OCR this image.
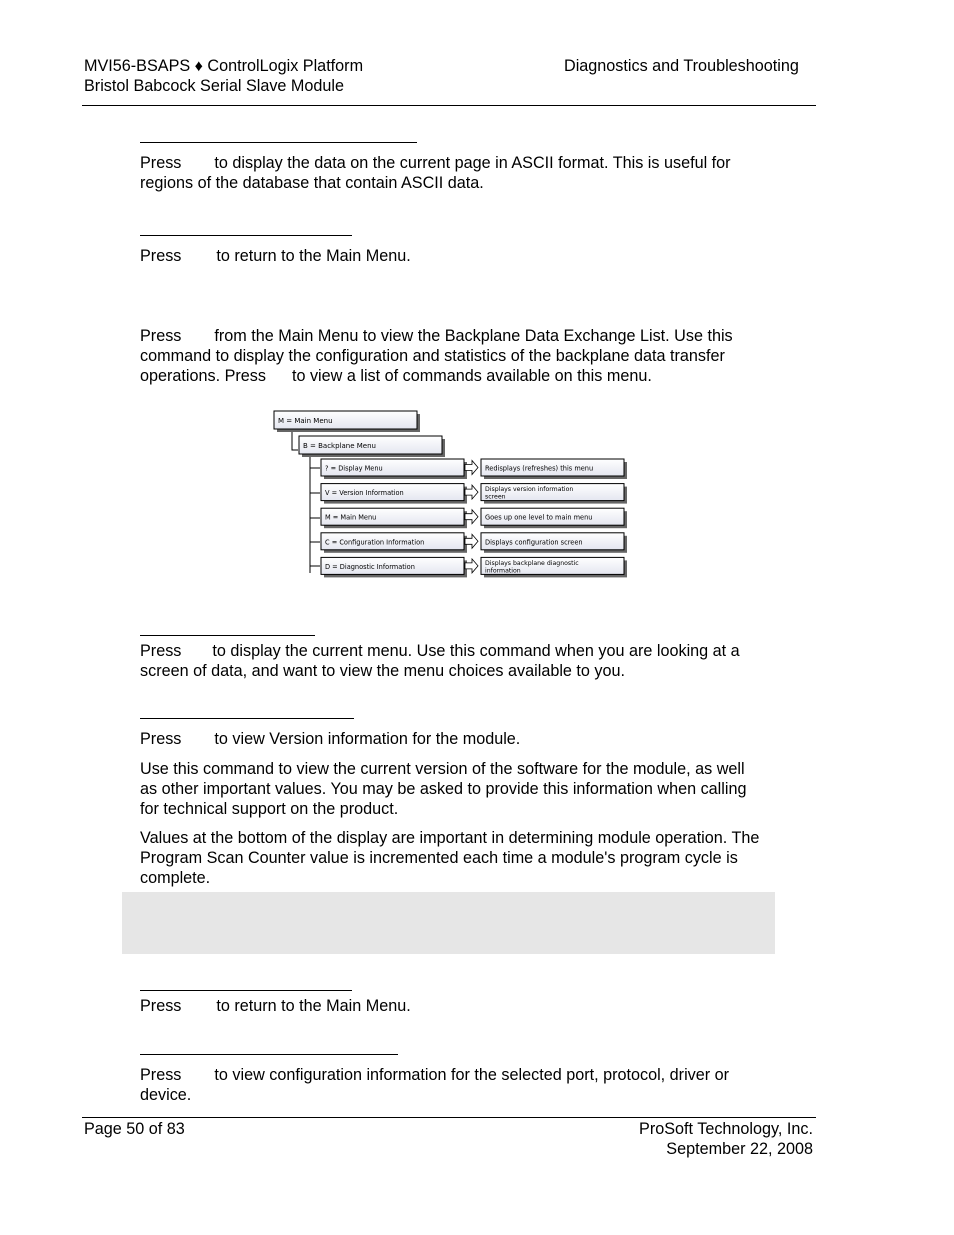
MVI56-BSAPS ♦ ControlLogix Platform
Bristol Babcock Serial Slave Module
Diagnostics and Troubleshooting
Press to display the data on the current page in ASCII format. This is useful for regions of the database that contain ASCII data.
Press to return to the Main Menu.
Press from the Main Menu to view the Backplane Data Exchange List. Use this command to display the configuration and statistics of the backplane data transfer operations. Press to view a list of commands available on this menu.
M = Main Menu
B = Backplane Menu
? = Display Menu	Redisplays (refreshes) this menu
V = Version Information	Displays version information screen
M = Main Menu	Goes up one level to main menu
C = Configuration Information	Displays configuration screen
D = Diagnostic Information	Displays backplane diagnostic information
Press to display the current menu. Use this command when you are looking at a screen of data, and want to view the menu choices available to you.
Press to view Version information for the module.
Use this command to view the current version of the software for the module, as well as other important values. You may be asked to provide this information when calling for technical support on the product.
Values at the bottom of the display are important in determining module operation. The Program Scan Counter value is incremented each time a module's program cycle is complete.
Press to return to the Main Menu.
Press to view configuration information for the selected port, protocol, driver or device.
Page 50 of 83	ProSoft Technology, Inc.
September 22, 2008
